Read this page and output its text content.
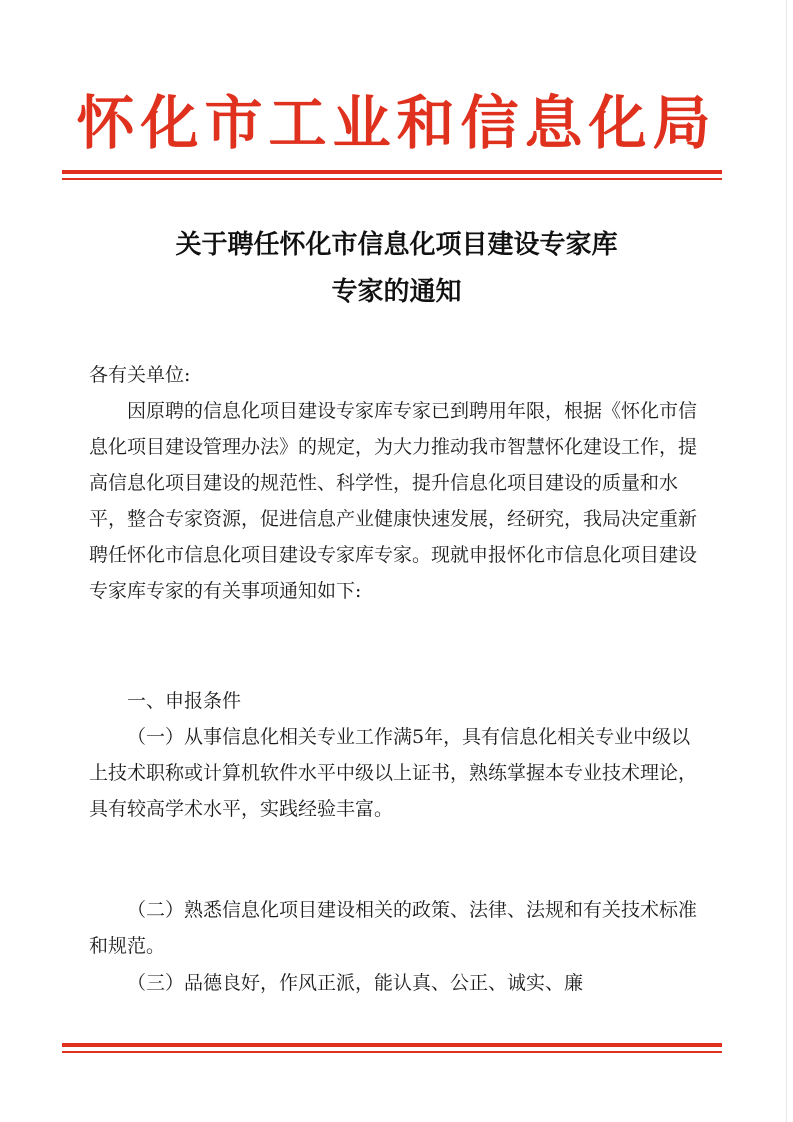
怀化市工业和信息化局
关于聘任怀化市信息化项目建设专家库
专家的通知
各有关单位:
因原聘的信息化项目建设专家库专家已到聘用年限，根据《怀化市信息化项目建设管理办法》的规定，为大力推动我市智慧怀化建设工作，提高信息化项目建设的规范性、科学性，提升信息化项目建设的质量和水平，整合专家资源，促进信息产业健康快速发展，经研究，我局决定重新聘任怀化市信息化项目建设专家库专家。现就申报怀化市信息化项目建设专家库专家的有关事项通知如下:
一、申报条件
（一）从事信息化相关专业工作满5年，具有信息化相关专业中级以上技术职称或计算机软件水平中级以上证书，熟练掌握本专业技术理论，具有较高学术水平，实践经验丰富。
（二）熟悉信息化项目建设相关的政策、法律、法规和有关技术标准和规范。
（三）品德良好，作风正派，能认真、公正、诚实、廉
